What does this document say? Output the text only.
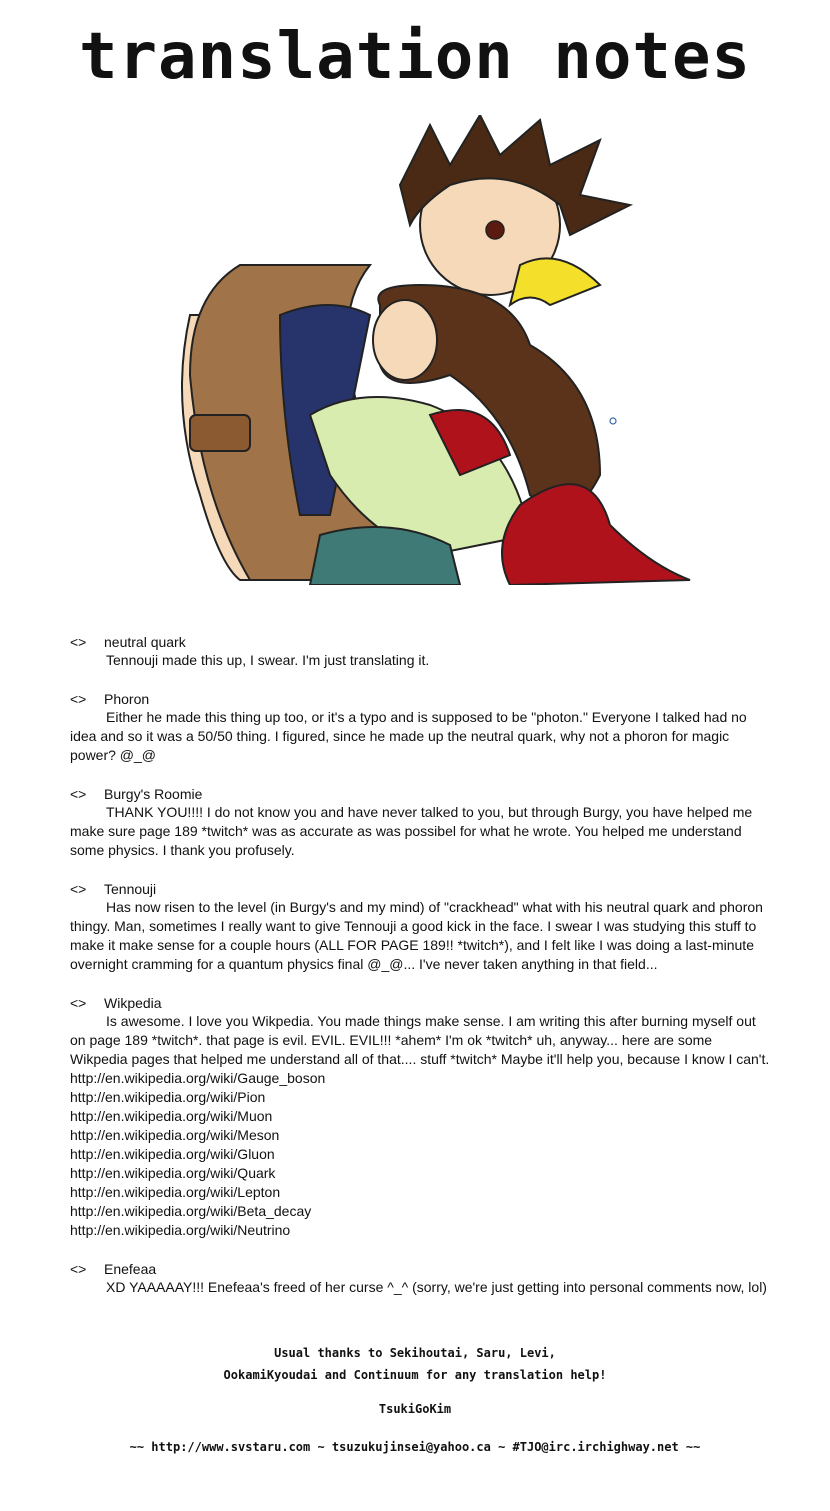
translation notes
<>	neutral quark
Tennouji made this up, I swear. I'm just translating it.
<>	Phoron
Either he made this thing up too, or it's a typo and is supposed to be "photon." Everyone I talked had no idea and so it was a 50/50 thing. I figured, since he made up the neutral quark, why not a phoron for magic power? @_@
<>	Burgy's Roomie
THANK YOU!!!! I do not know you and have never talked to you, but through Burgy, you have helped me make sure page 189 *twitch* was as accurate as was possibel for what he wrote. You helped me understand some physics. I thank you profusely.
<>	Tennouji
Has now risen to the level (in Burgy's and my mind) of "crackhead" what with his neutral quark and phoron thingy. Man, sometimes I really want to give Tennouji a good kick in the face. I swear I was studying this stuff to make it make sense for a couple hours (ALL FOR PAGE 189!! *twitch*), and I felt like I was doing a last-minute overnight cramming for a quantum physics final @_@... I've never taken anything in that field...
<>	Wikpedia
Is awesome. I love you Wikpedia. You made things make sense. I am writing this after burning myself out on page 189 *twitch*. that page is evil. EVIL. EVIL!!! *ahem* I'm ok *twitch* uh, anyway... here are some Wikpedia pages that helped me understand all of that.... stuff *twitch* Maybe it'll help you, because I know I can't.
http://en.wikipedia.org/wiki/Gauge_boson
http://en.wikipedia.org/wiki/Pion
http://en.wikipedia.org/wiki/Muon
http://en.wikipedia.org/wiki/Meson
http://en.wikipedia.org/wiki/Gluon
http://en.wikipedia.org/wiki/Quark
http://en.wikipedia.org/wiki/Lepton
http://en.wikipedia.org/wiki/Beta_decay
http://en.wikipedia.org/wiki/Neutrino
<>	Enefeaa
XD YAAAAAY!!! Enefeaa's freed of her curse ^_^ (sorry, we're just getting into personal comments now, lol)
Usual thanks to Sekihoutai, Saru, Levi,
OokamiKyoudai and Continuum for any translation help!
TsukiGoKim
~~ http://www.svstaru.com ~ tsuzukujinsei@yahoo.ca ~ #TJO@irc.irchighway.net ~~
